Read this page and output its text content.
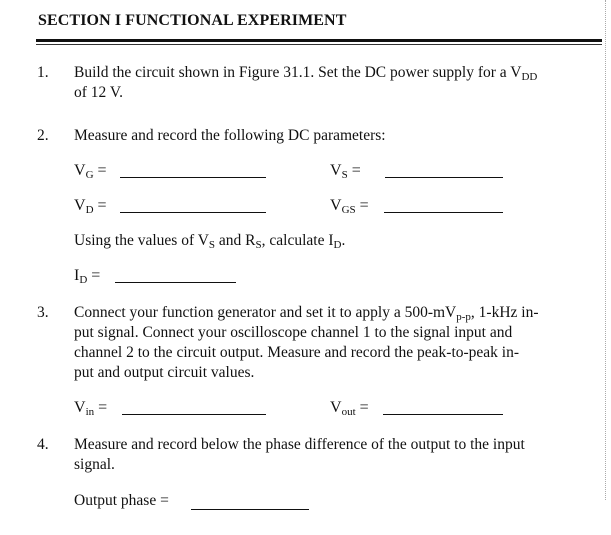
SECTION I FUNCTIONAL EXPERIMENT
1. Build the circuit shown in Figure 31.1. Set the DC power supply for a $V_{DD}$
of 12 V.
2. Measure and record the following DC parameters:
$V_G$ =	$V_S$ =
$V_D$ =	$V_{GS}$ =
Using the values of $V_S$ and $R_S$, calculate $I_D$.
$I_D$ =
3. Connect your function generator and set it to apply a $500-mV_{p-p}$, 1-kHz in-
put signal. Connect your oscilloscope channel 1 to the signal input and
channel 2 to the circuit output. Measure and record the peak-to-peak in-
put and output circuit values.
$V_{in}$ =	$V_{out}$ =
4. Measure and record below the phase difference of the output to the input
signal.
Output phase =
